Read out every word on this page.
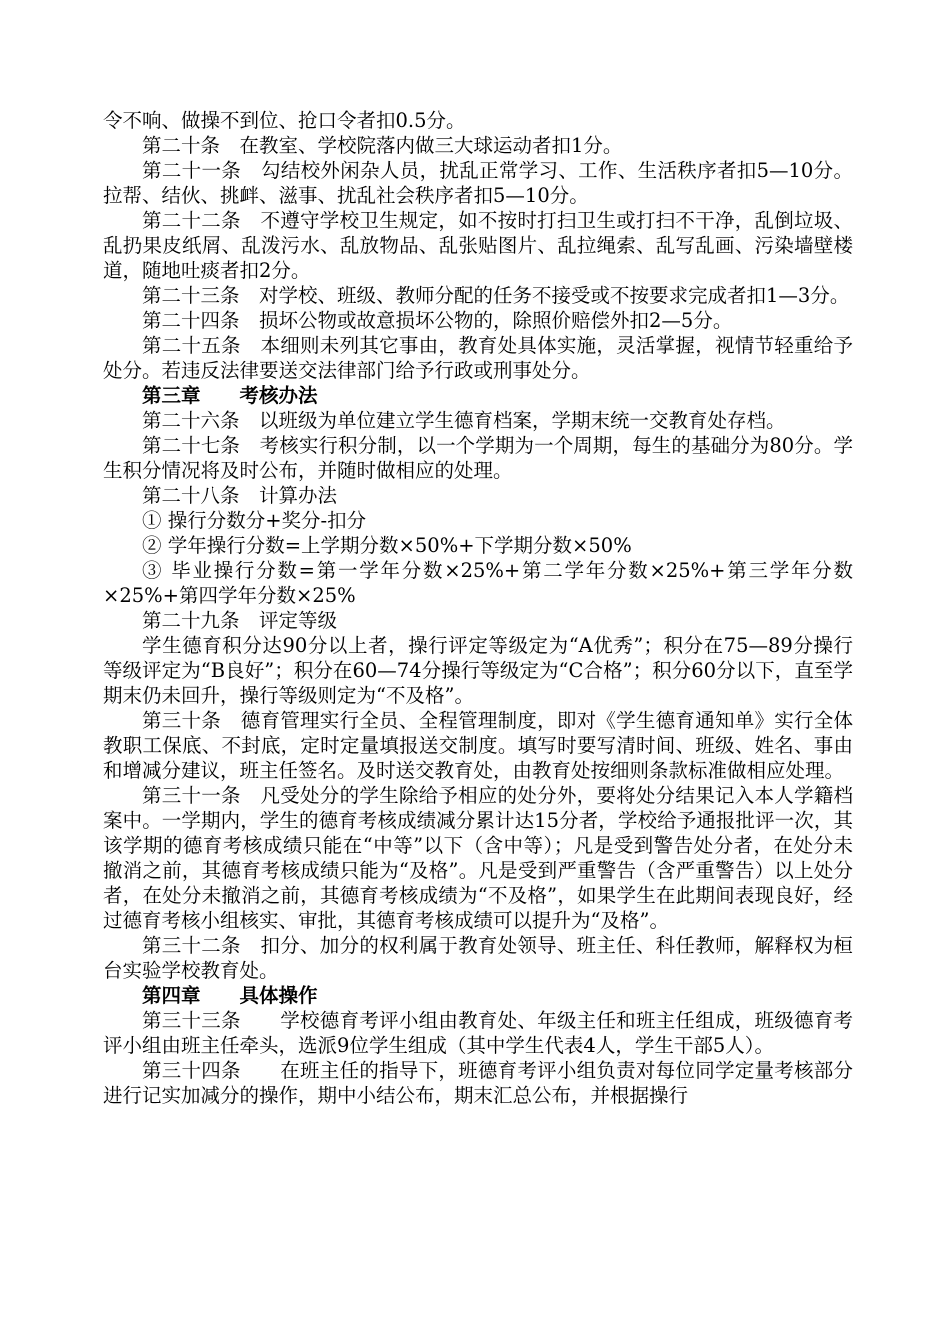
令不响、做操不到位、抢口令者扣0.5分。

第二十条　在教室、学校院落内做三大球运动者扣1分。

第二十一条　勾结校外闲杂人员，扰乱正常学习、工作、生活秩序者扣5—10分。拉帮、结伙、挑衅、滋事、扰乱社会秩序者扣5—10分。

第二十二条　不遵守学校卫生规定，如不按时打扫卫生或打扫不干净，乱倒垃圾、乱扔果皮纸屑、乱泼污水、乱放物品、乱张贴图片、乱拉绳索、乱写乱画、污染墙壁楼道，随地吐痰者扣2分。

第二十三条　对学校、班级、教师分配的任务不接受或不按要求完成者扣1—3分。

第二十四条　损坏公物或故意损坏公物的，除照价赔偿外扣2—5分。

第二十五条　本细则未列其它事由，教育处具体实施，灵活掌握，视情节轻重给予处分。若违反法律要送交法律部门给予行政或刑事处分。

第三章　　考核办法

第二十六条　以班级为单位建立学生德育档案，学期末统一交教育处存档。

第二十七条　考核实行积分制，以一个学期为一个周期，每生的基础分为80分。学生积分情况将及时公布，并随时做相应的处理。

第二十八条　计算办法

① 操行分数分+奖分-扣分

② 学年操行分数=上学期分数×50%+下学期分数×50%

③ 毕业操行分数=第一学年分数×25%+第二学年分数×25%+第三学年分数×25%+第四学年分数×25%

第二十九条　评定等级

学生德育积分达90分以上者，操行评定等级定为“A优秀”；积分在75—89分操行等级评定为“B良好”；积分在60—74分操行等级定为“C合格”；积分60分以下，直至学期末仍未回升，操行等级则定为“不及格”。

第三十条　德育管理实行全员、全程管理制度，即对《学生德育通知单》实行全体教职工保底、不封底，定时定量填报送交制度。填写时要写清时间、班级、姓名、事由和增减分建议，班主任签名。及时送交教育处，由教育处按细则条款标准做相应处理。

第三十一条　凡受处分的学生除给予相应的处分外，要将处分结果记入本人学籍档案中。一学期内，学生的德育考核成绩减分累计达15分者，学校给予通报批评一次，其该学期的德育考核成绩只能在“中等”以下（含中等）；凡是受到警告处分者，在处分未撤消之前，其德育考核成绩只能为“及格”。凡是受到严重警告（含严重警告）以上处分者，在处分未撤消之前，其德育考核成绩为“不及格”，如果学生在此期间表现良好，经过德育考核小组核实、审批，其德育考核成绩可以提升为“及格”。

第三十二条　扣分、加分的权利属于教育处领导、班主任、科任教师，解释权为桓台实验学校教育处。

第四章　　具体操作

第三十三条　　学校德育考评小组由教育处、年级主任和班主任组成，班级德育考评小组由班主任牵头，选派9位学生组成（其中学生代表4人，学生干部5人）。

第三十四条　　在班主任的指导下，班德育考评小组负责对每位同学定量考核部分进行记实加减分的操作，期中小结公布，期末汇总公布，并根据操行
